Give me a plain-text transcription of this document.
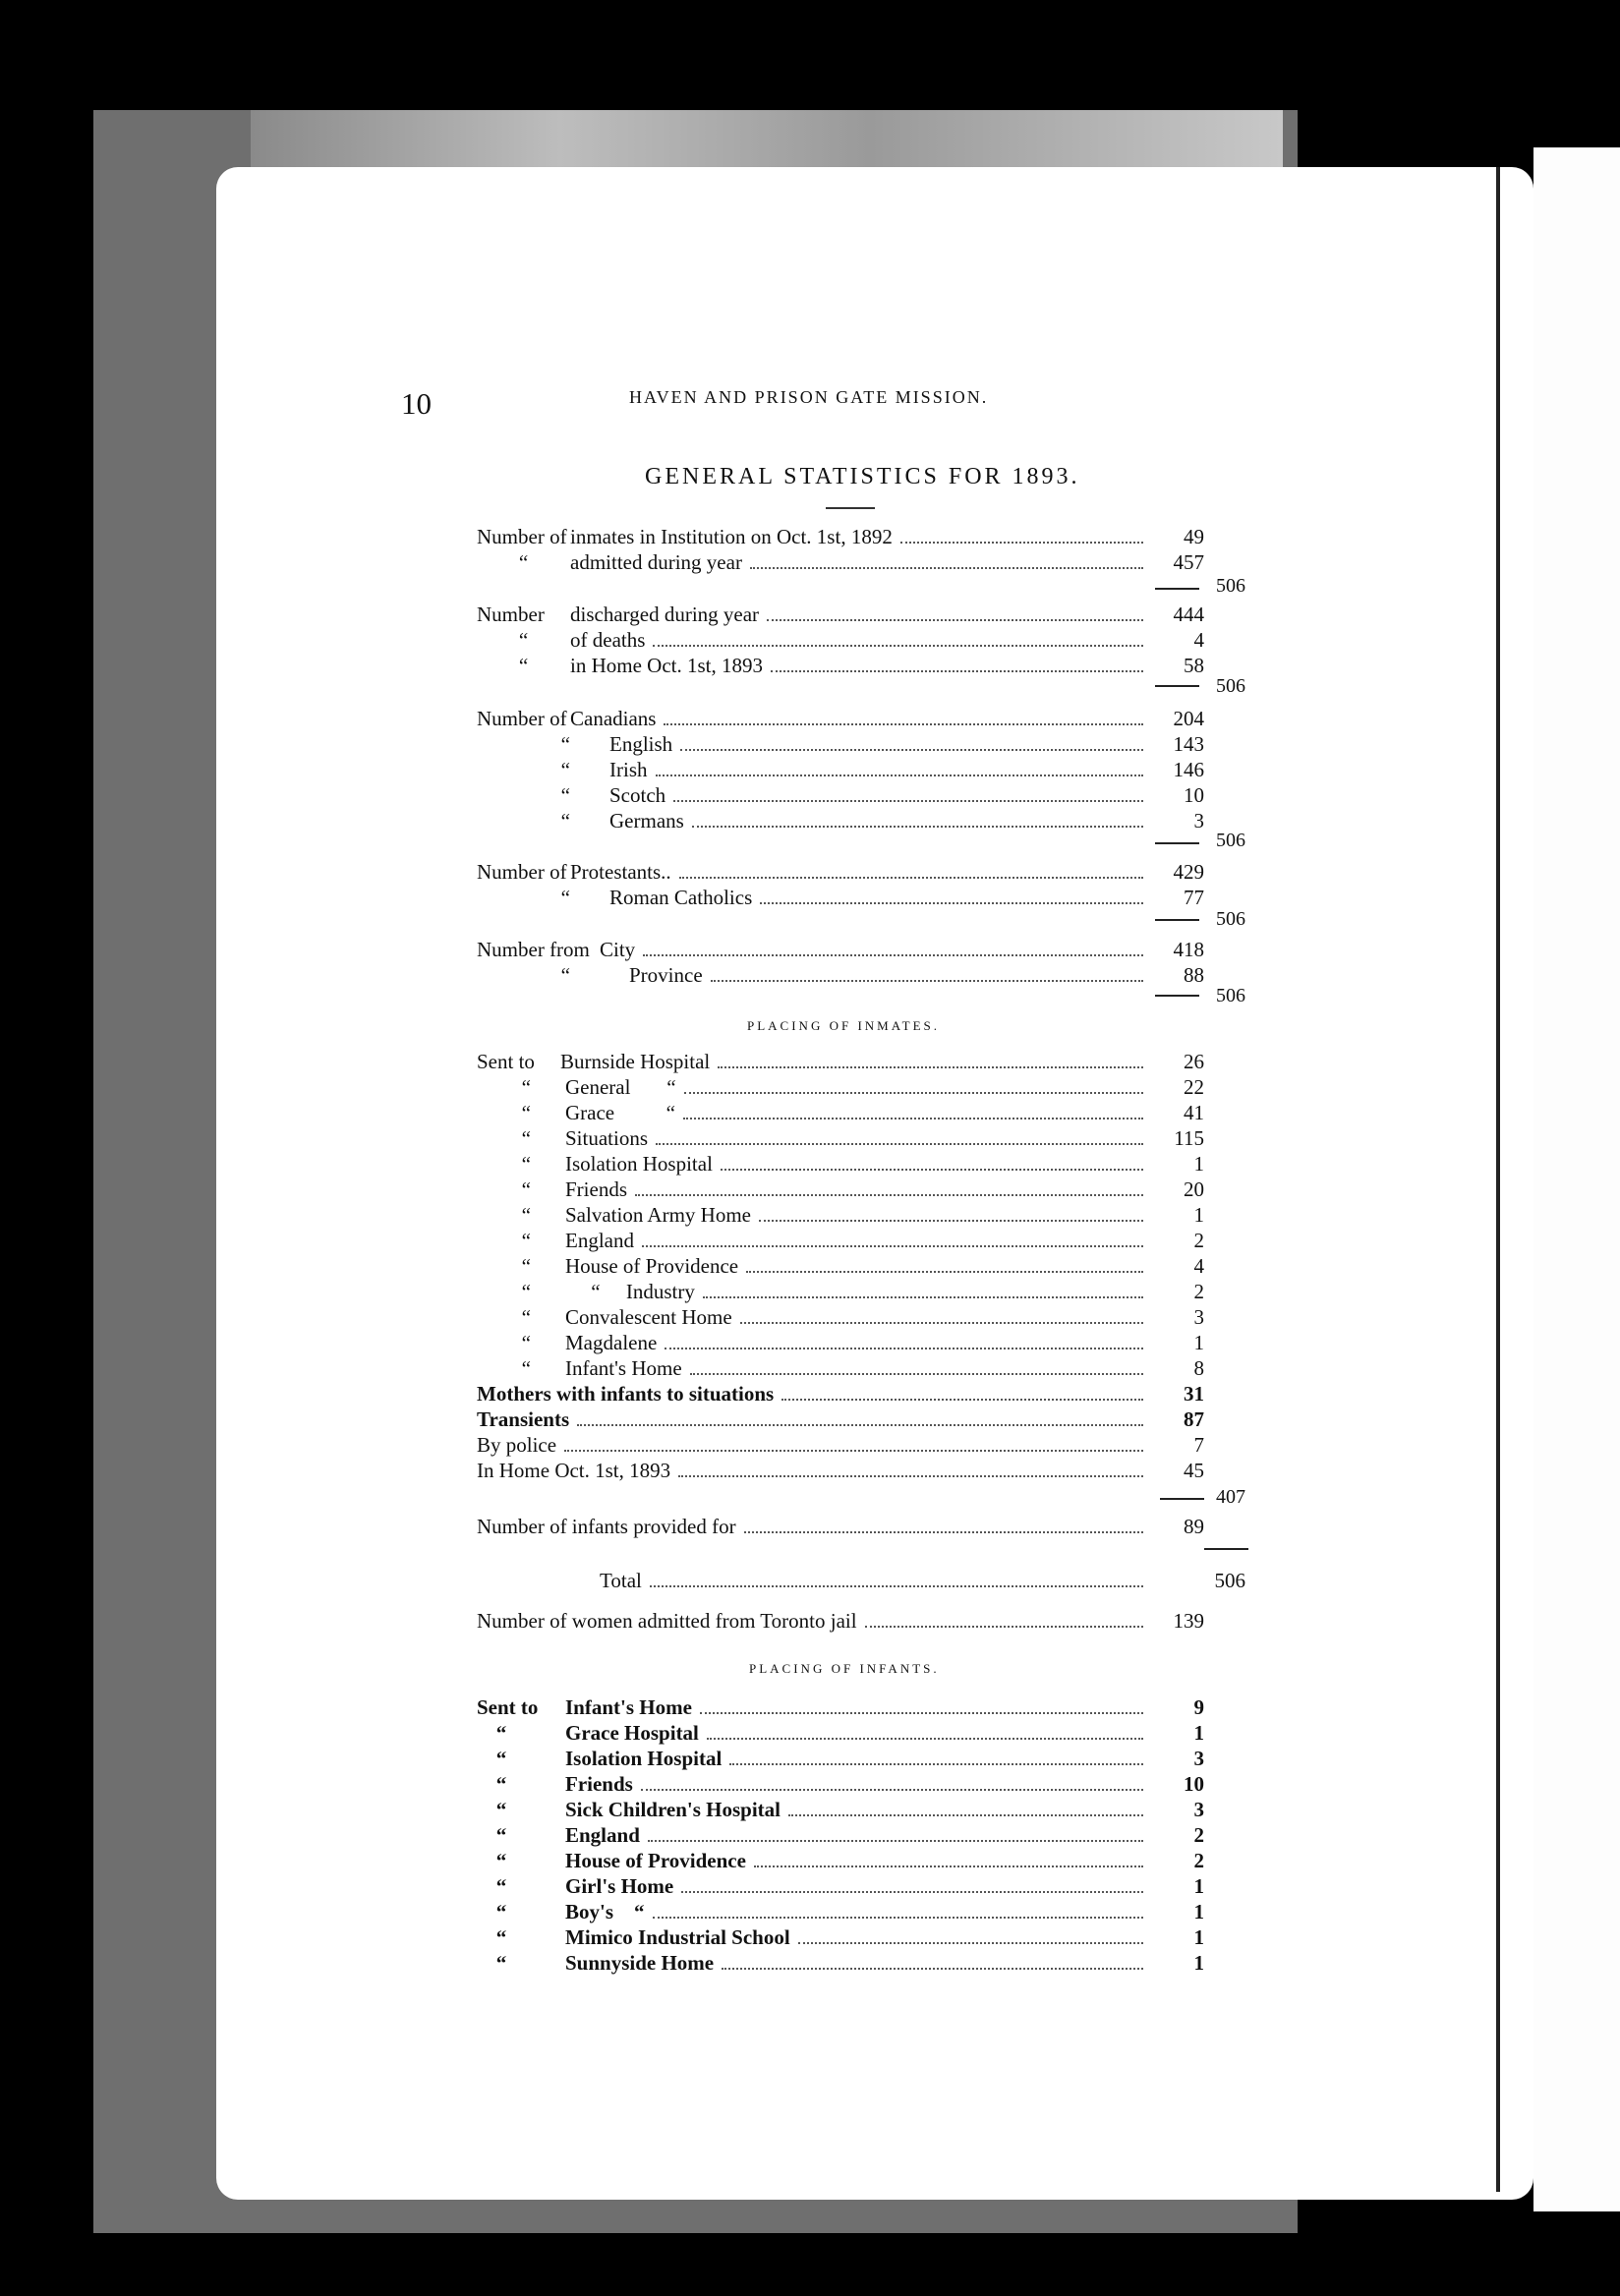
10	HAVEN AND PRISON GATE MISSION.
GENERAL STATISTICS FOR 1893.
Number of inmates in Institution on Oct. 1st, 1892	49
“ admitted during year	457
506
Number discharged during year	444
“ of deaths	4
“ in Home Oct. 1st, 1893	58
506
Number of Canadians	204
“ English	143
“ Irish	146
“ Scotch	10
“ Germans	3
506
Number of Protestants..	429
“ Roman Catholics	77
506
Number from City	418
“	Province	88
506
PLACING OF INMATES.
Sent to Burnside Hospital	26
“ General       “	22
“ Grace          “	41
“ Situations	115
“ Isolation Hospital	1
“ Friends	20
“ Salvation Army Home	1
“ England	2
“ House of Providence	4
“     “     Industry	2
“ Convalescent Home	3
“ Magdalene	1
“ Infant's Home	8
Mothers with infants to situations	31
Transients	87
By police	7
In Home Oct. 1st, 1893	45
407
Number of infants provided for	89
Total	506
Number of women admitted from Toronto jail	139
PLACING OF INFANTS.
Sent to Infant's Home	9
“	Grace Hospital	1
“	Isolation Hospital	3
“	Friends	10
“	Sick Children's Hospital	3
“	England	2
“	House of Providence	2
“	Girl's Home	1
“	Boy's    “	1
“	Mimico Industrial School	1
“	Sunnyside Home	1
